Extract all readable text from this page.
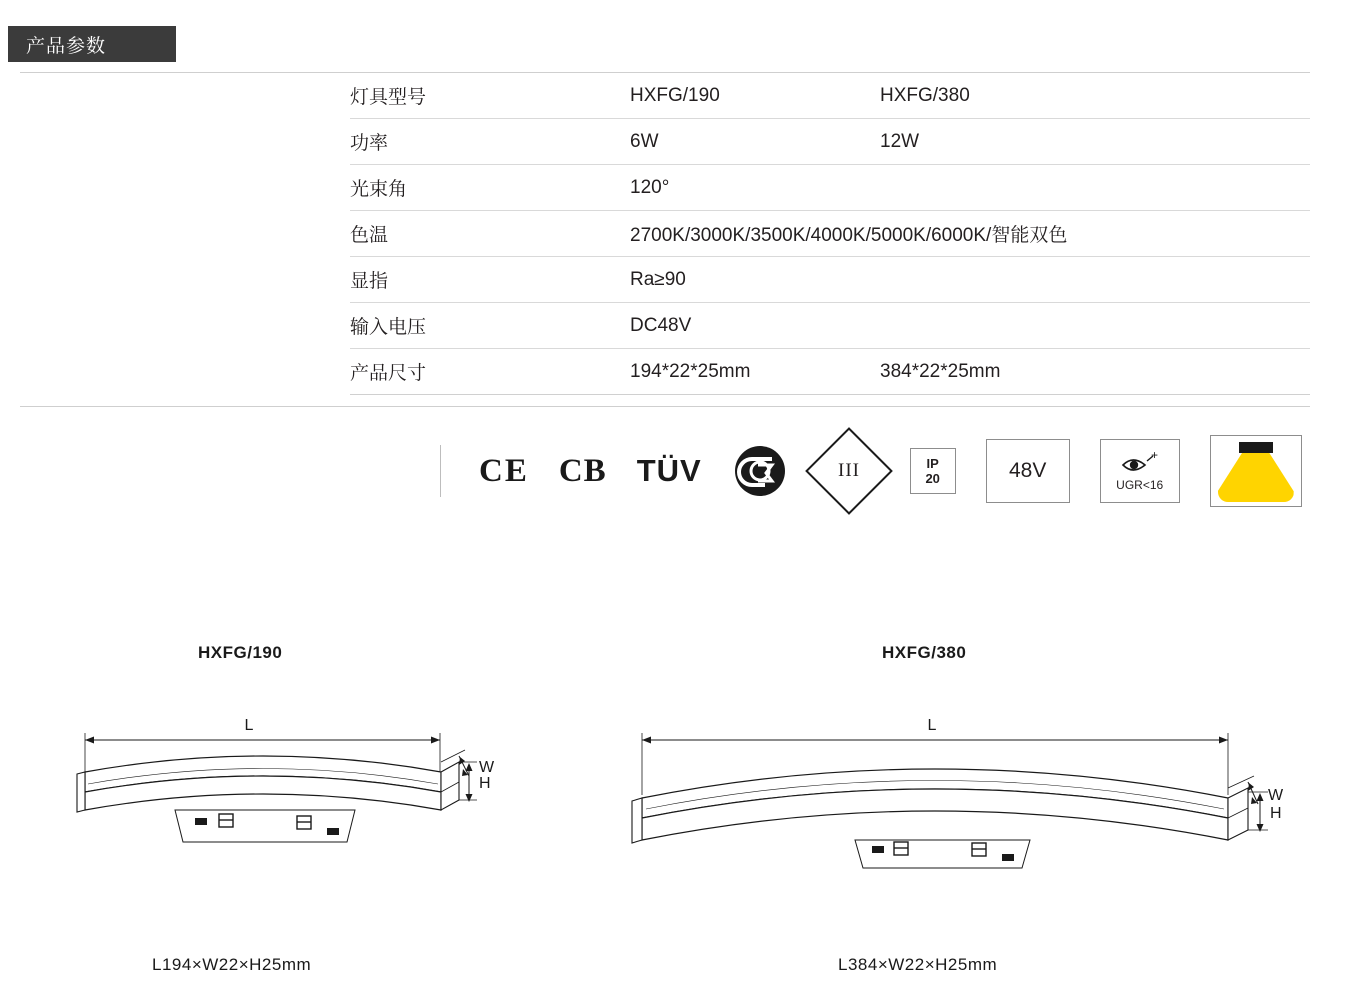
产品参数
	灯具型号	HXFG/190	HXFG/380
	功率	6W	12W
	光束角	120°	
	色温	2700K/3000K/3500K/4000K/5000K/6000K/智能双色	
	显指	Ra≥90	
	输入电压	DC48V	
	产品尺寸	194*22*25mm	384*22*25mm
CE CB TÜV	III	IP
20	48V
+
UGR<16
HXFG/190	HXFG/380
L
W
H
L
W
H
L194×W22×H25mm	L384×W22×H25mm
